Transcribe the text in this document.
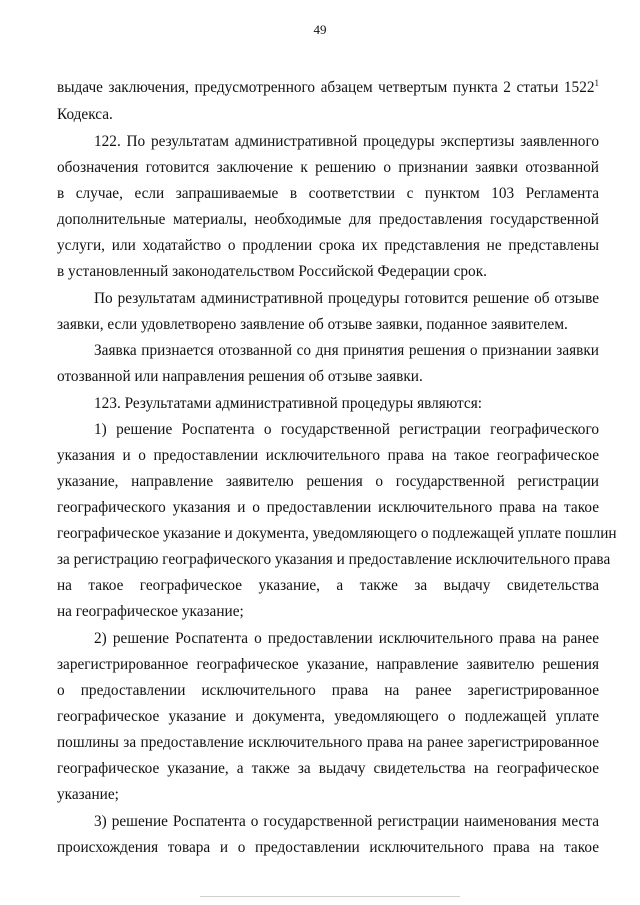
49
выдаче заключения, предусмотренного абзацем четвертым пункта 2 статьи 1522$^1$
Кодекса.
122. По результатам административной процедуры экспертизы заявленного
обозначения готовится заключение к решению о признании заявки отозванной
в случае, если запрашиваемые в соответствии с пунктом 103 Регламента
дополнительные материалы, необходимые для предоставления государственной
услуги, или ходатайство о продлении срока их представления не представлены
в установленный законодательством Российской Федерации срок.
По результатам административной процедуры готовится решение об отзыве
заявки, если удовлетворено заявление об отзыве заявки, поданное заявителем.
Заявка признается отозванной со дня принятия решения о признании заявки
отозванной или направления решения об отзыве заявки.
123. Результатами административной процедуры являются:
1) решение Роспатента о государственной регистрации географического
указания и о предоставлении исключительного права на такое географическое
указание, направление заявителю решения о государственной регистрации
географического указания и о предоставлении исключительного права на такое
географическое указание и документа, уведомляющего о подлежащей уплате пошлин
за регистрацию географического указания и предоставление исключительного права
на такое географическое указание, а также за выдачу свидетельства
на географическое указание;
2) решение Роспатента о предоставлении исключительного права на ранее
зарегистрированное географическое указание, направление заявителю решения
о предоставлении исключительного права на ранее зарегистрированное
географическое указание и документа, уведомляющего о подлежащей уплате
пошлины за предоставление исключительного права на ранее зарегистрированное
географическое указание, а также за выдачу свидетельства на географическое
указание;
3) решение Роспатента о государственной регистрации наименования места
происхождения товара и о предоставлении исключительного права на такое
